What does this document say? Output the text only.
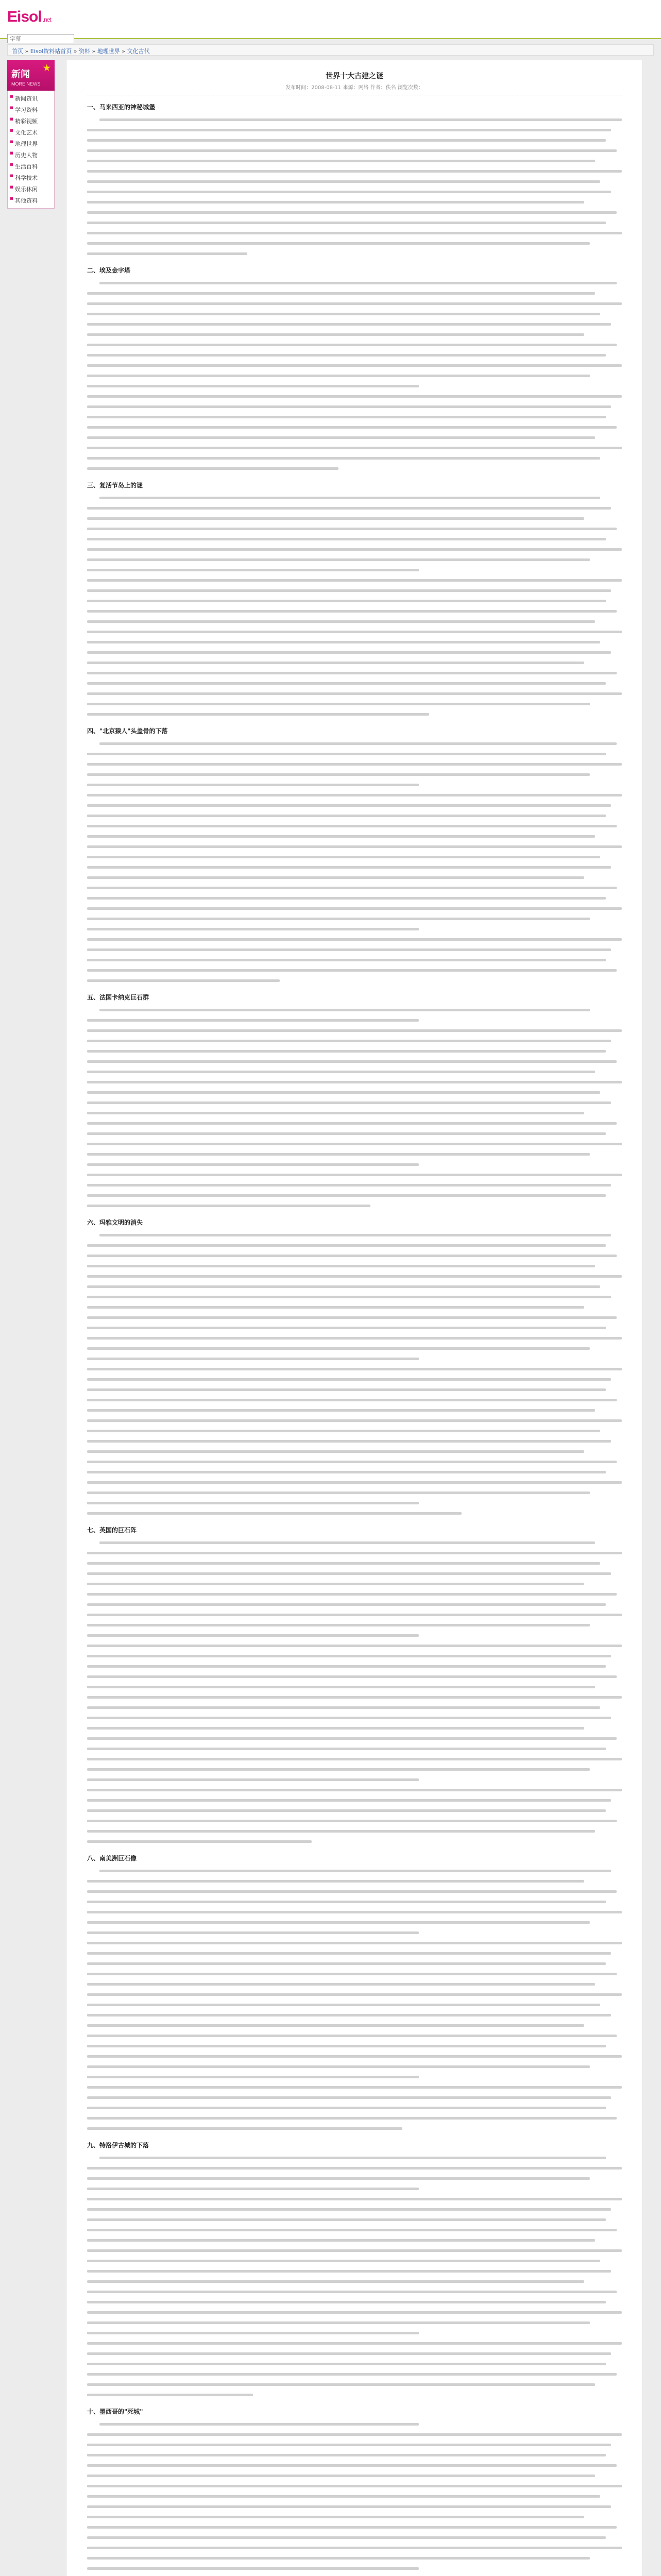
Eisol .net
字幕
首页 » Eisol资料站首页 » 资料 » 地理世界 » 文化古代
★
新闻
MORE NEWS
■ 新闻资讯
■ 学习资料
■ 精彩视频
■ 文化艺术
■ 地理世界
■ 历史人物
■ 生活百科
■ 科学技术
■ 娱乐休闲
■ 其他资料
世界十大古建之谜
发布时间：2008-08-11 来源：网络 作者：佚名 浏览次数：
一、马来西亚的神秘城堡
二、埃及金字塔
三、复活节岛上的谜
四、"北京猿人"头盖骨的下落
五、法国卡纳克巨石群
六、玛雅文明的消失
七、英国的巨石阵
八、南美洲巨石像
九、特洛伊古城的下落
十、墨西哥的"死城"
